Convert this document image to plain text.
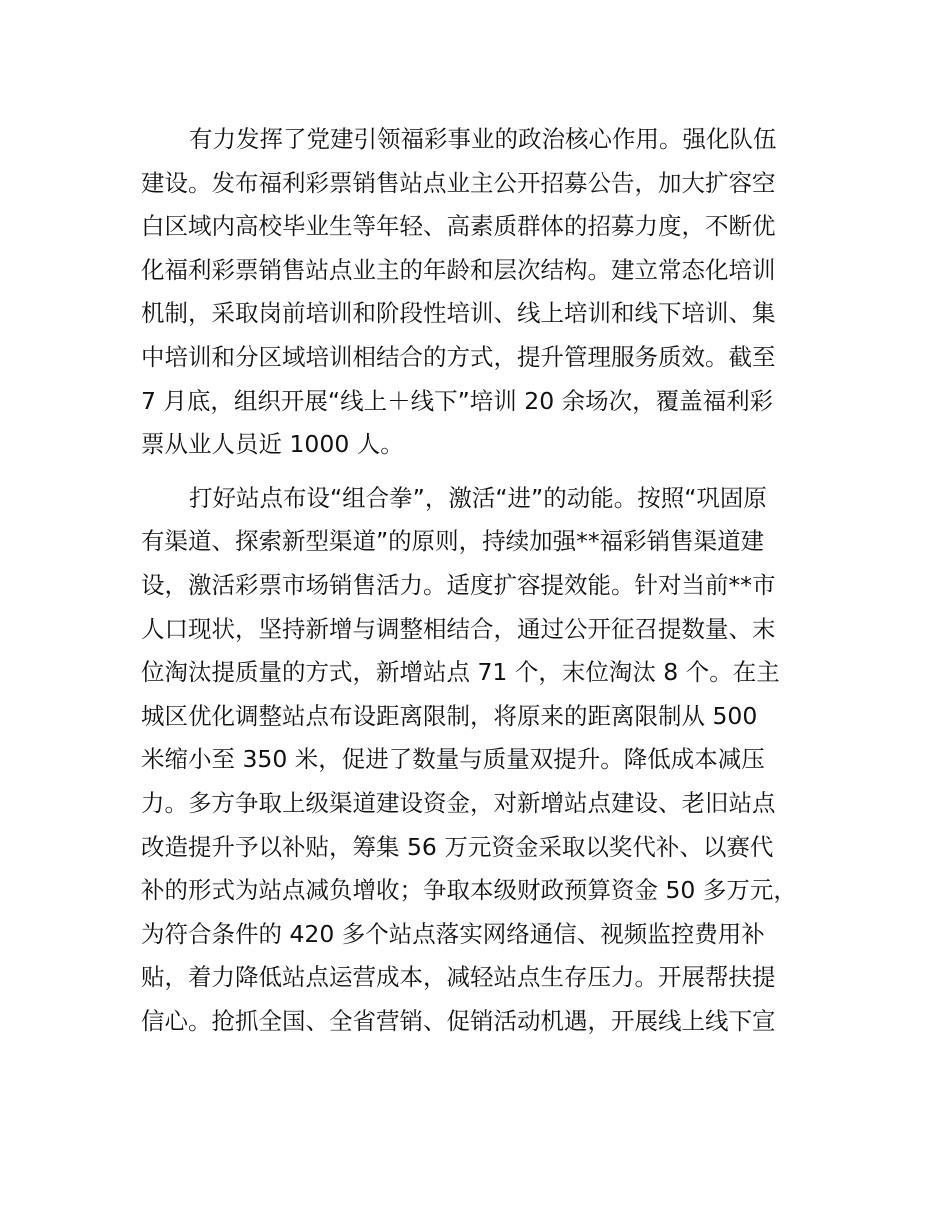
有力发挥了党建引领福彩事业的政治核心作用。强化队伍
建设。发布福利彩票销售站点业主公开招募公告，加大扩容空
白区域内高校毕业生等年轻、高素质群体的招募力度，不断优
化福利彩票销售站点业主的年龄和层次结构。建立常态化培训
机制，采取岗前培训和阶段性培训、线上培训和线下培训、集
中培训和分区域培训相结合的方式，提升管理服务质效。截至
7 月底，组织开展“线上＋线下”培训 20 余场次，覆盖福利彩
票从业人员近 1000 人。
打好站点布设“组合拳”，激活“进”的动能。按照“巩固原
有渠道、探索新型渠道”的原则，持续加强**福彩销售渠道建
设，激活彩票市场销售活力。适度扩容提效能。针对当前**市
人口现状，坚持新增与调整相结合，通过公开征召提数量、末
位淘汰提质量的方式，新增站点 71 个，末位淘汰 8 个。在主
城区优化调整站点布设距离限制，将原来的距离限制从 500
米缩小至 350 米，促进了数量与质量双提升。降低成本减压
力。多方争取上级渠道建设资金，对新增站点建设、老旧站点
改造提升予以补贴，筹集 56 万元资金采取以奖代补、以赛代
补的形式为站点减负增收；争取本级财政预算资金 50 多万元，
为符合条件的 420 多个站点落实网络通信、视频监控费用补
贴，着力降低站点运营成本，减轻站点生存压力。开展帮扶提
信心。抢抓全国、全省营销、促销活动机遇，开展线上线下宣
